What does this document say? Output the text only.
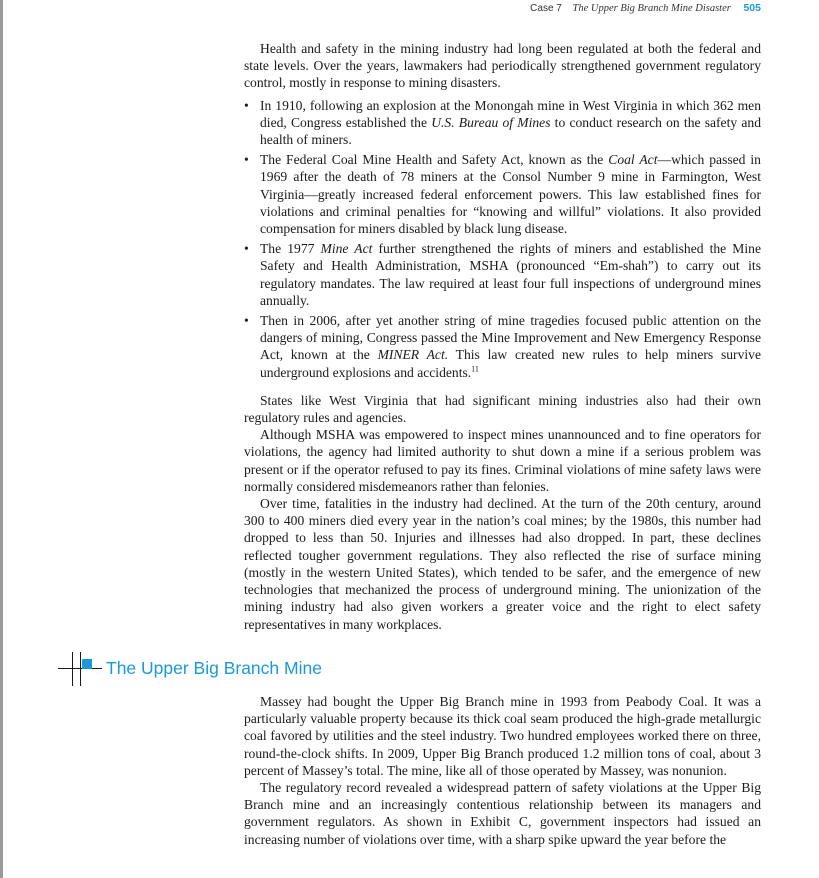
Case 7 The Upper Big Branch Mine Disaster 505

Health and safety in the mining industry had long been regulated at both the federal and state levels. Over the years, lawmakers had periodically strengthened government regulatory control, mostly in response to mining disasters.

• In 1910, following an explosion at the Monongah mine in West Virginia in which 362 men died, Congress established the U.S. Bureau of Mines to conduct research on the safety and health of miners.
• The Federal Coal Mine Health and Safety Act, known as the Coal Act—which passed in 1969 after the death of 78 miners at the Consol Number 9 mine in Farmington, West Virginia—greatly increased federal enforcement powers. This law established fines for violations and criminal penalties for “knowing and willful” violations. It also provided compensation for miners disabled by black lung disease.
• The 1977 Mine Act further strengthened the rights of miners and established the Mine Safety and Health Administration, MSHA (pronounced “Em-shah”) to carry out its regulatory mandates. The law required at least four full inspections of underground mines annually.
• Then in 2006, after yet another string of mine tragedies focused public attention on the dangers of mining, Congress passed the Mine Improvement and New Emergency Response Act, known at the MINER Act. This law created new rules to help miners survive underground explosions and accidents.$^{11}$

States like West Virginia that had significant mining industries also had their own regulatory rules and agencies.

Although MSHA was empowered to inspect mines unannounced and to fine operators for violations, the agency had limited authority to shut down a mine if a serious problem was present or if the operator refused to pay its fines. Criminal violations of mine safety laws were normally considered misdemeanors rather than felonies.

Over time, fatalities in the industry had declined. At the turn of the 20th century, around 300 to 400 miners died every year in the nation’s coal mines; by the 1980s, this number had dropped to less than 50. Injuries and illnesses had also dropped. In part, these declines reflected tougher government regulations. They also reflected the rise of surface mining (mostly in the western United States), which tended to be safer, and the emergence of new technologies that mechanized the process of underground mining. The unionization of the mining industry had also given workers a greater voice and the right to elect safety representatives in many workplaces.

The Upper Big Branch Mine

Massey had bought the Upper Big Branch mine in 1993 from Peabody Coal. It was a particularly valuable property because its thick coal seam produced the high-grade metallurgic coal favored by utilities and the steel industry. Two hundred employees worked there on three, round-the-clock shifts. In 2009, Upper Big Branch produced 1.2 million tons of coal, about 3 percent of Massey’s total. The mine, like all of those operated by Massey, was nonunion.

The regulatory record revealed a widespread pattern of safety violations at the Upper Big Branch mine and an increasingly contentious relationship between its managers and government regulators. As shown in Exhibit C, government inspectors had issued an increasing number of violations over time, with a sharp spike upward the year before the
